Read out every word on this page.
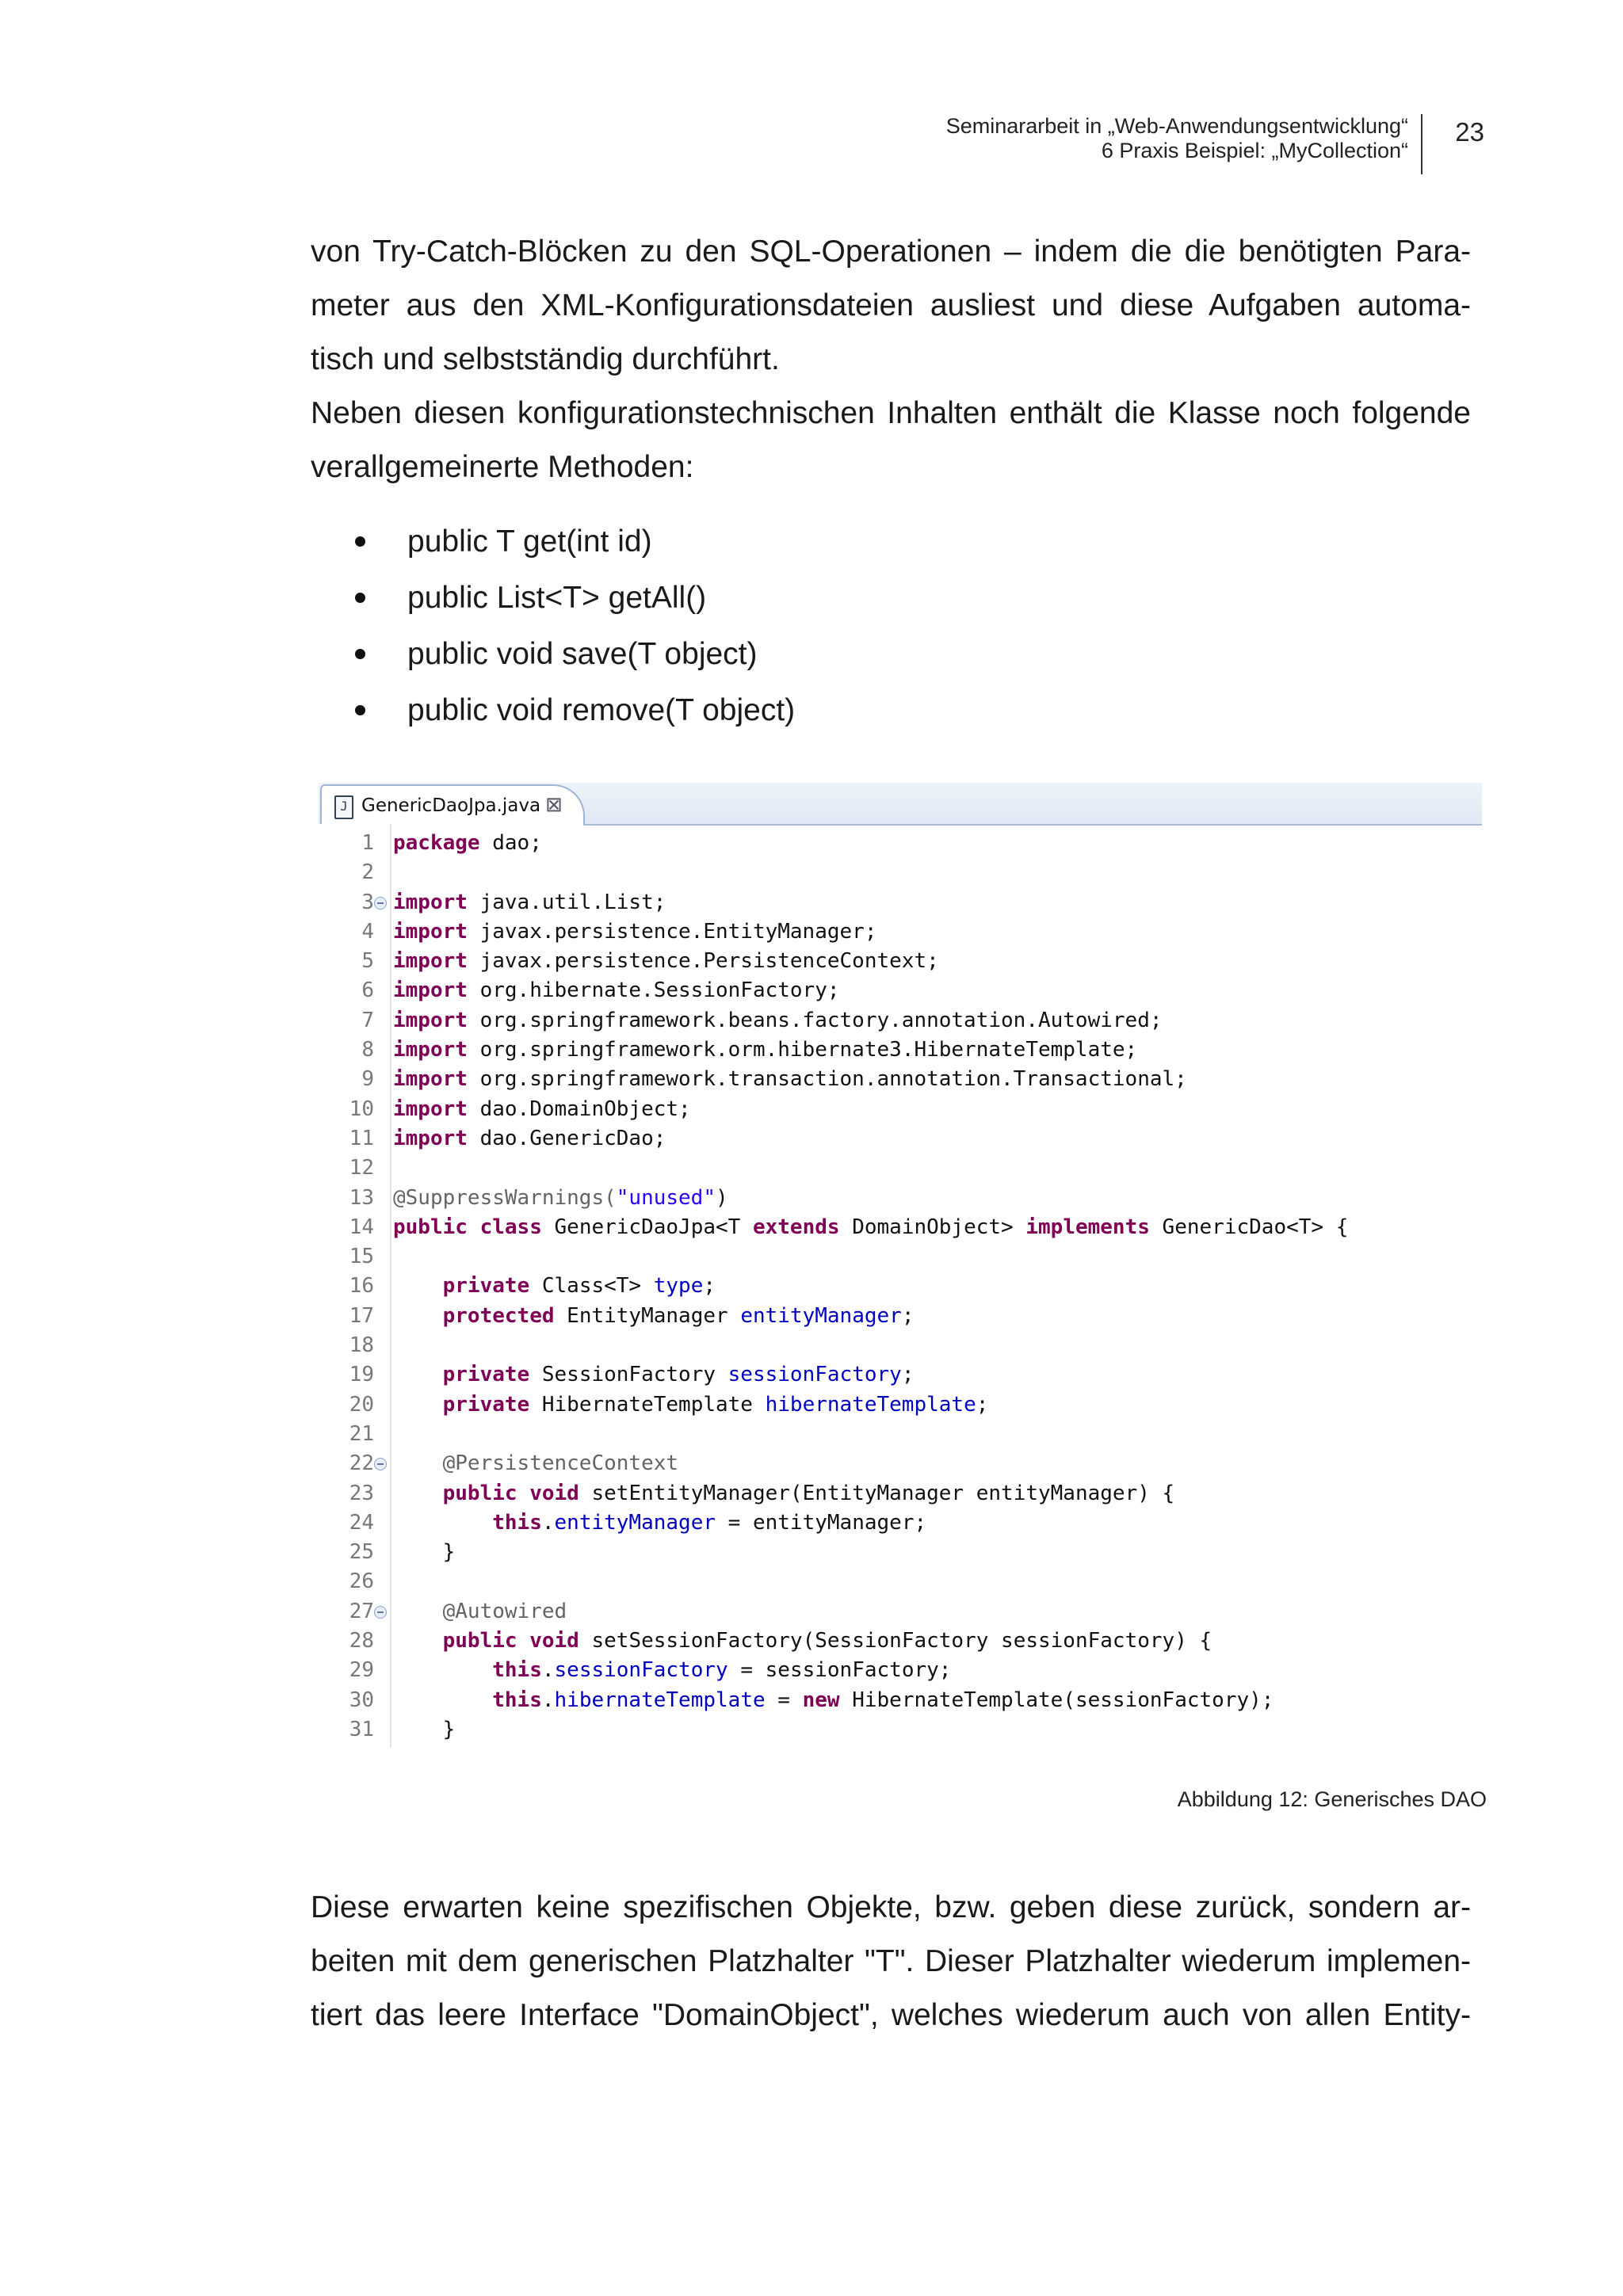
Seminararbeit in „Web-Anwendungsentwicklung“
6 Praxis Beispiel: „MyCollection“
23
von Try-Catch-Blöcken zu den SQL-Operationen – indem die die benötigten Para-
meter aus den XML-Konfigurationsdateien ausliest und diese Aufgaben automa-
tisch und selbstständig durchführt.
Neben diesen konfigurationstechnischen Inhalten enthält die Klasse noch folgende
verallgemeinerte Methoden:
public T get(int id)
public List<T> getAll()
public void save(T object)
public void remove(T object)
J GenericDaoJpa.java ⊠
1 package dao;
2
3 import java.util.List;
4 import javax.persistence.EntityManager;
5 import javax.persistence.PersistenceContext;
6 import org.hibernate.SessionFactory;
7 import org.springframework.beans.factory.annotation.Autowired;
8 import org.springframework.orm.hibernate3.HibernateTemplate;
9 import org.springframework.transaction.annotation.Transactional;
10 import dao.DomainObject;
11 import dao.GenericDao;
12
13 @SuppressWarnings("unused")
14 public class GenericDaoJpa<T extends DomainObject> implements GenericDao<T> {
15
16	private Class<T> type;
17	protected EntityManager entityManager;
18
19	private SessionFactory sessionFactory;
20	private HibernateTemplate hibernateTemplate;
21
22	@PersistenceContext
23	public void setEntityManager(EntityManager entityManager) {
24	this.entityManager = entityManager;
25	}
26
27	@Autowired
28	public void setSessionFactory(SessionFactory sessionFactory) {
29	this.sessionFactory = sessionFactory;
30	this.hibernateTemplate = new HibernateTemplate(sessionFactory);
31	}
Abbildung 12: Generisches DAO
Diese erwarten keine spezifischen Objekte, bzw. geben diese zurück, sondern ar-
beiten mit dem generischen Platzhalter "T". Dieser Platzhalter wiederum implemen-
tiert das leere Interface "DomainObject", welches wiederum auch von allen Entity-
